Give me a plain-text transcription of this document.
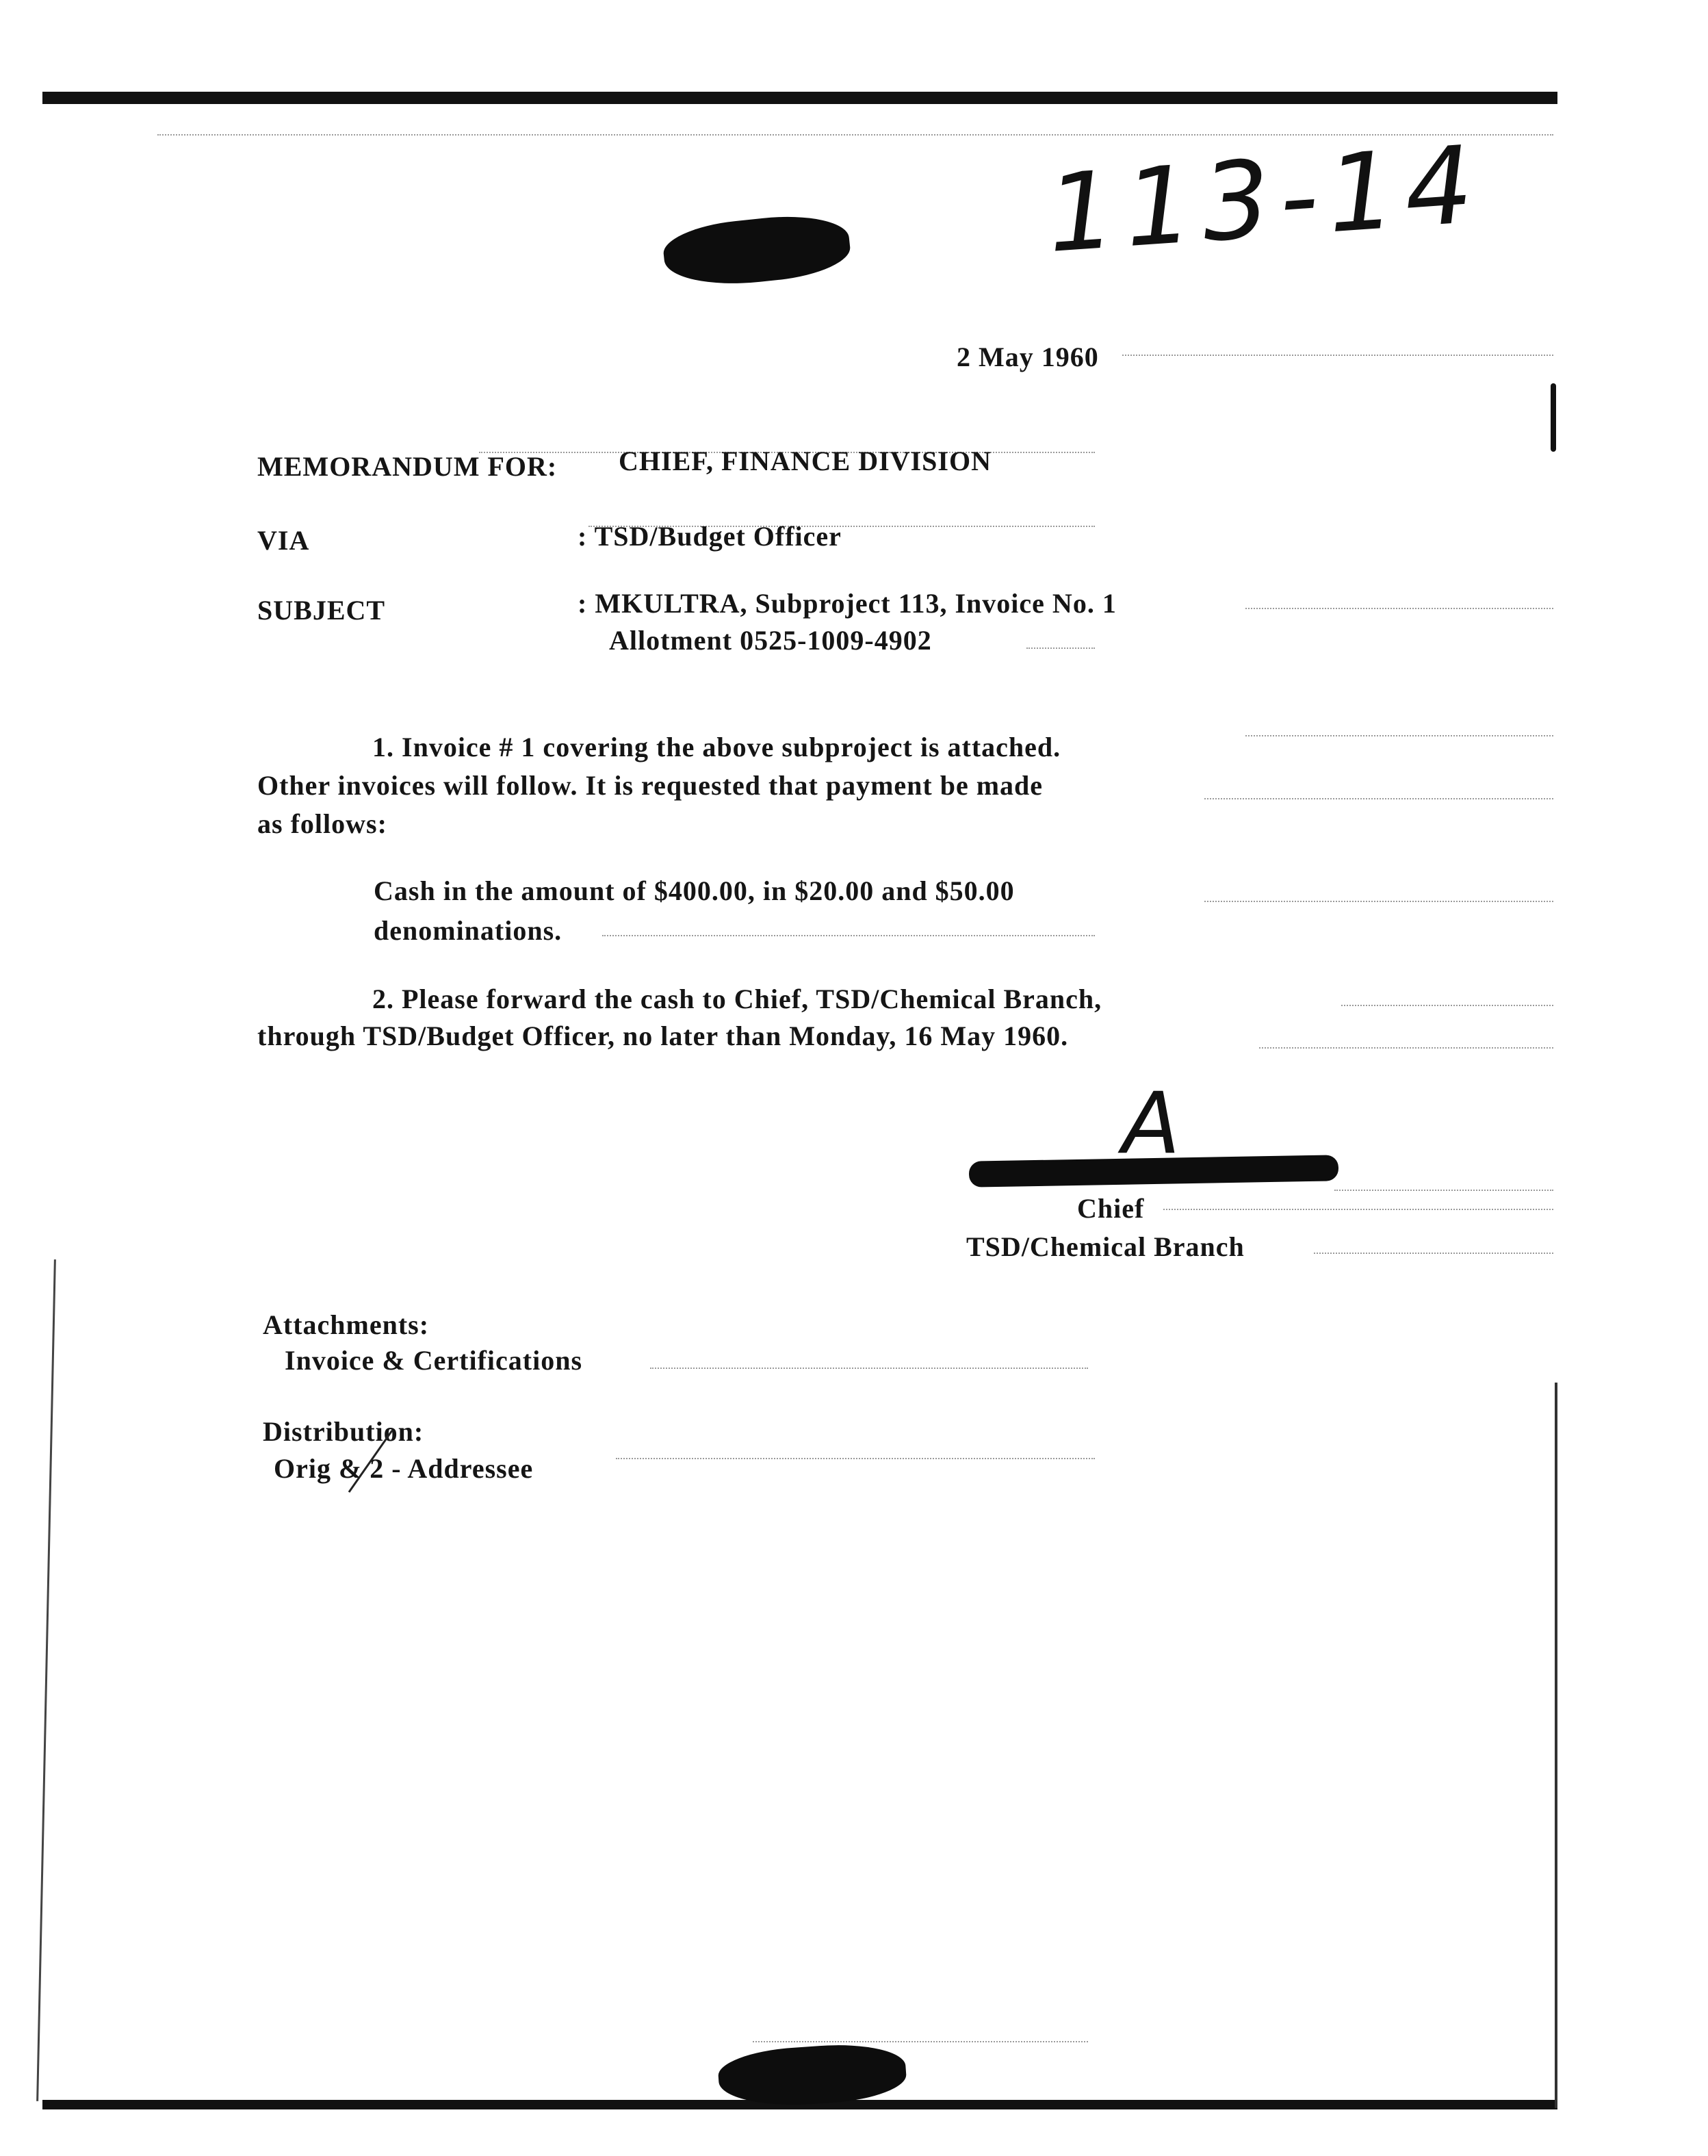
113-14
2 May 1960
MEMORANDUM FOR: CHIEF, FINANCE DIVISION
VIA	: TSD/Budget Officer
SUBJECT	: MKULTRA, Subproject 113, Invoice No. 1
Allotment 0525-1009-4902
1. Invoice # 1 covering the above subproject is attached.
Other invoices will follow. It is requested that payment be made
as follows:
Cash in the amount of $400.00, in $20.00 and $50.00
denominations.
2. Please forward the cash to Chief, TSD/Chemical Branch,
through TSD/Budget Officer, no later than Monday, 16 May 1960.
A
Chief
TSD/Chemical Branch
Attachments:
Invoice & Certifications
Distribution:
Orig & 2 - Addressee
